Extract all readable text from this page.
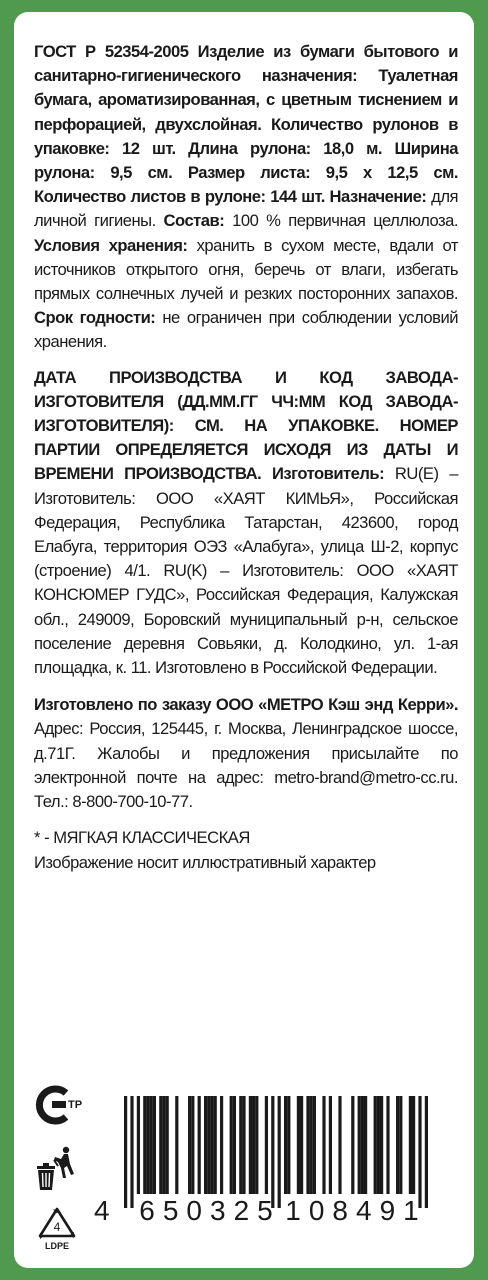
ГОСТ Р 52354-2005 Изделие из бумаги бытового и санитарно-гигиенического назначения: Туалетная бумага, ароматизированная, с цветным тиснением и перфорацией, двухслойная. Количество рулонов в упаковке: 12 шт. Длина рулона: 18,0 м. Ширина рулона: 9,5 см. Размер листа: 9,5 х 12,5 см. Количество листов в рулоне: 144 шт. Назначение: для личной гигиены. Состав: 100 % первичная целлюлоза. Условия хранения: хранить в сухом месте, вдали от источников открытого огня, беречь от влаги, избегать прямых солнечных лучей и резких посторонних запахов. Срок годности: не ограничен при соблюдении условий хранения.

ДАТА ПРОИЗВОДСТВА И КОД ЗАВОДА-ИЗГОТОВИТЕЛЯ (ДД.ММ.ГГ ЧЧ:ММ КОД ЗАВОДА-ИЗГОТОВИТЕЛЯ): СМ. НА УПАКОВКЕ. НОМЕР ПАРТИИ ОПРЕДЕЛЯЕТСЯ ИСХОДЯ ИЗ ДАТЫ И ВРЕМЕНИ ПРОИЗВОДСТВА. Изготовитель: RU(E) – Изготовитель: ООО «ХАЯТ КИМЬЯ», Российская Федерация, Республика Татарстан, 423600, город Елабуга, территория ОЭЗ «Алабуга», улица Ш-2, корпус (строение) 4/1. RU(K) – Изготовитель: ООО «ХАЯТ КОНСЮМЕР ГУДС», Российская Федерация, Калужская обл., 249009, Боровский муниципальный р-н, сельское поселение деревня Совьяки, д. Колодкино, ул. 1-ая площадка, к. 11. Изготовлено в Российской Федерации.

Изготовлено по заказу ООО «МЕТРО Кэш энд Керри». Адрес: Россия, 125445, г. Москва, Ленинградское шоссе, д.71Г. Жалобы и предложения присылайте по электронной почте на адрес: metro-brand@metro-cc.ru. Тел.: 8-800-700-10-77.

* - МЯГКАЯ КЛАССИЧЕСКАЯ

Изображение носит иллюстративный характер

ТР
4
LDPE
4 650325 108491
